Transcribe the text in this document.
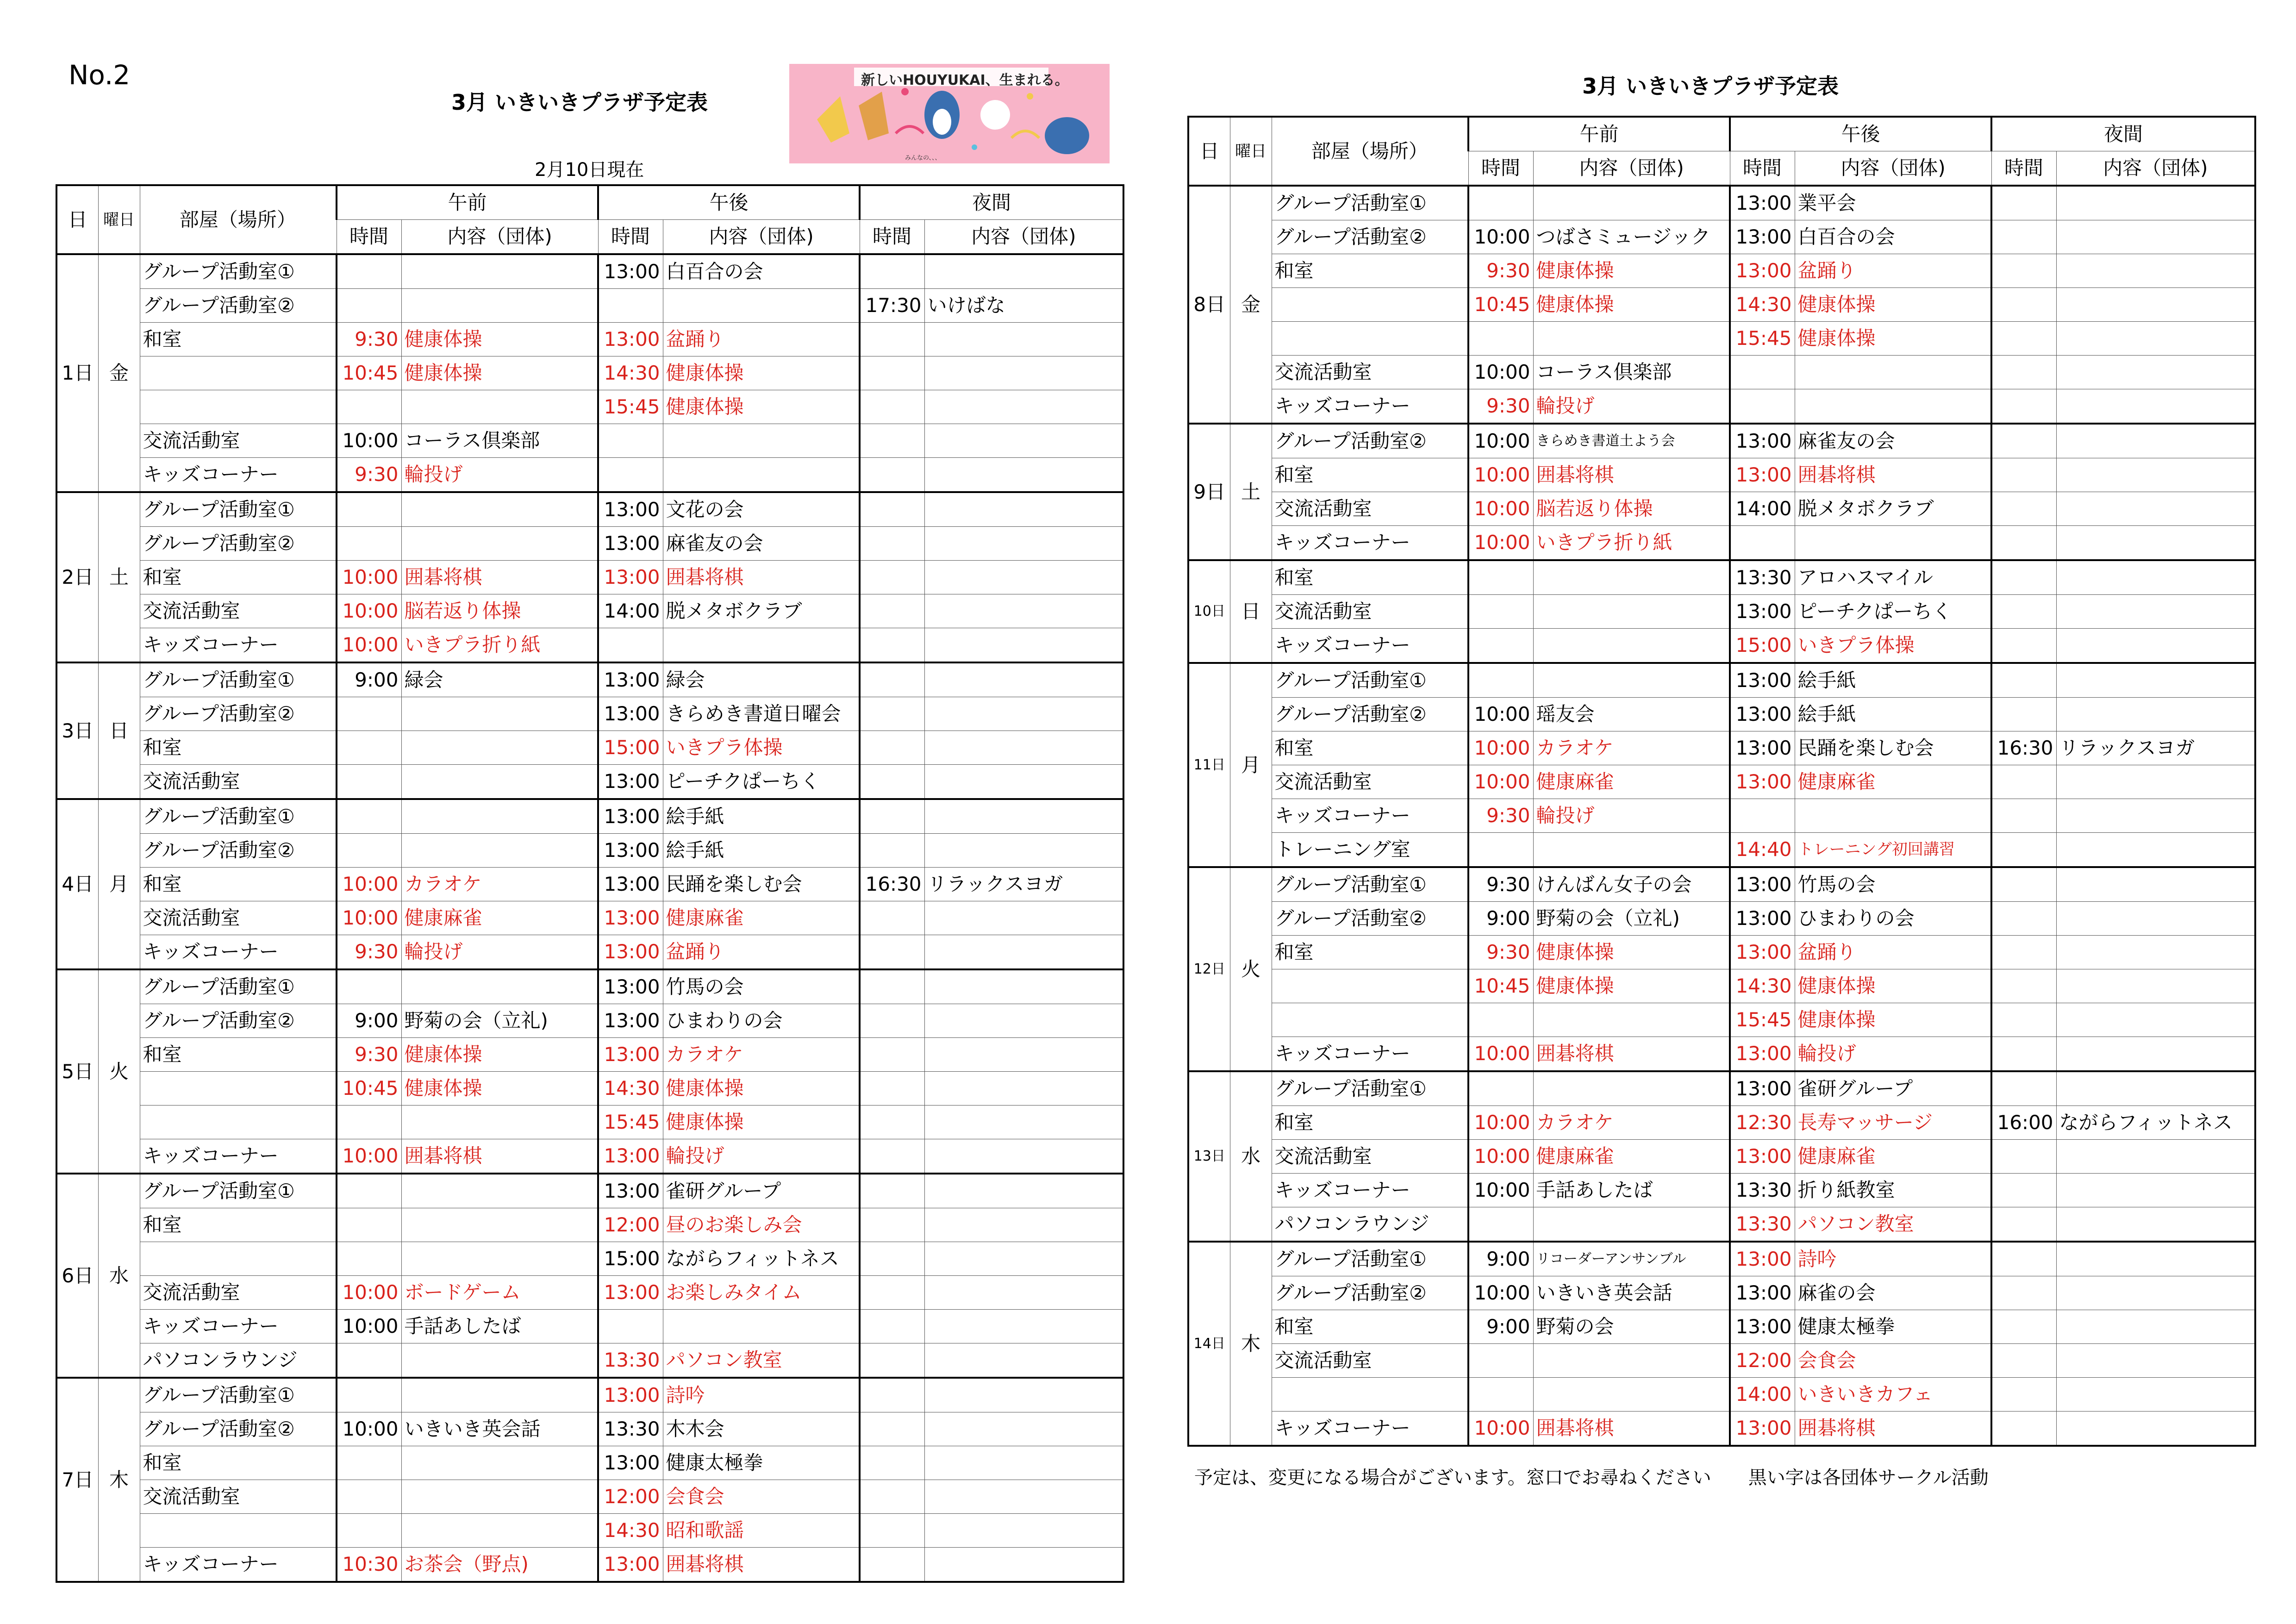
No.2
3月 いきいきプラザ予定表
3月 いきいきプラザ予定表
2月10日現在
新しいHOUYUKAI、生まれる。
みんなの、、、
日	曜日	部屋（場所）	午前		午後		夜間	
			時間	内容（団体)	時間	内容（団体)	時間	内容（団体)
1日	金	グループ活動室①			13:00	白百合の会		
		グループ活動室②					17:30	いけばな
		和室	9:30	健康体操	13:00	盆踊り		
			10:45	健康体操	14:30	健康体操		
					15:45	健康体操		
		交流活動室	10:00	コーラス倶楽部				
		キッズコーナー	9:30	輪投げ				
2日	土	グループ活動室①			13:00	文花の会		
		グループ活動室②			13:00	麻雀友の会		
		和室	10:00	囲碁将棋	13:00	囲碁将棋		
		交流活動室	10:00	脳若返り体操	14:00	脱メタボクラブ		
		キッズコーナー	10:00	いきプラ折り紙				
3日	日	グループ活動室①	9:00	緑会	13:00	緑会		
		グループ活動室②			13:00	きらめき書道日曜会		
		和室			15:00	いきプラ体操		
		交流活動室			13:00	ピーチクぱーちく		
4日	月	グループ活動室①			13:00	絵手紙		
		グループ活動室②			13:00	絵手紙		
		和室	10:00	カラオケ	13:00	民踊を楽しむ会	16:30	リラックスヨガ
		交流活動室	10:00	健康麻雀	13:00	健康麻雀		
		キッズコーナー	9:30	輪投げ	13:00	盆踊り		
5日	火	グループ活動室①			13:00	竹馬の会		
		グループ活動室②	9:00	野菊の会（立礼)	13:00	ひまわりの会		
		和室	9:30	健康体操	13:00	カラオケ		
			10:45	健康体操	14:30	健康体操		
					15:45	健康体操		
		キッズコーナー	10:00	囲碁将棋	13:00	輪投げ		
6日	水	グループ活動室①			13:00	雀研グループ		
		和室			12:00	昼のお楽しみ会		
					15:00	ながらフィットネス		
		交流活動室	10:00	ボードゲーム	13:00	お楽しみタイム		
		キッズコーナー	10:00	手話あしたば				
		パソコンラウンジ			13:30	パソコン教室		
7日	木	グループ活動室①			13:00	詩吟		
		グループ活動室②	10:00	いきいき英会話	13:30	木木会		
		和室			13:00	健康太極拳		
		交流活動室			12:00	会食会		
					14:30	昭和歌謡		
		キッズコーナー	10:30	お茶会（野点)	13:00	囲碁将棋		
日	曜日	部屋（場所）	午前		午後		夜間	
			時間	内容（団体)	時間	内容（団体)	時間	内容（団体)
8日	金	グループ活動室①			13:00	業平会		
		グループ活動室②	10:00	つばさミュージック	13:00	白百合の会		
		和室	9:30	健康体操	13:00	盆踊り		
			10:45	健康体操	14:30	健康体操		
					15:45	健康体操		
		交流活動室	10:00	コーラス倶楽部				
		キッズコーナー	9:30	輪投げ				
9日	土	グループ活動室②	10:00	きらめき書道土よう会	13:00	麻雀友の会		
		和室	10:00	囲碁将棋	13:00	囲碁将棋		
		交流活動室	10:00	脳若返り体操	14:00	脱メタボクラブ		
		キッズコーナー	10:00	いきプラ折り紙				
10日	日	和室			13:30	アロハスマイル		
		交流活動室			13:00	ピーチクぱーちく		
		キッズコーナー			15:00	いきプラ体操		
11日	月	グループ活動室①			13:00	絵手紙		
		グループ活動室②	10:00	瑶友会	13:00	絵手紙		
		和室	10:00	カラオケ	13:00	民踊を楽しむ会	16:30	リラックスヨガ
		交流活動室	10:00	健康麻雀	13:00	健康麻雀		
		キッズコーナー	9:30	輪投げ				
		トレーニング室			14:40	トレーニング初回講習		
12日	火	グループ活動室①	9:30	けんばん女子の会	13:00	竹馬の会		
		グループ活動室②	9:00	野菊の会（立礼)	13:00	ひまわりの会		
		和室	9:30	健康体操	13:00	盆踊り		
			10:45	健康体操	14:30	健康体操		
					15:45	健康体操		
		キッズコーナー	10:00	囲碁将棋	13:00	輪投げ		
13日	水	グループ活動室①			13:00	雀研グループ		
		和室	10:00	カラオケ	12:30	長寿マッサージ	16:00	ながらフィットネス
		交流活動室	10:00	健康麻雀	13:00	健康麻雀		
		キッズコーナー	10:00	手話あしたば	13:30	折り紙教室		
		パソコンラウンジ			13:30	パソコン教室		
14日	木	グループ活動室①	9:00	リコーダーアンサンブル	13:00	詩吟		
		グループ活動室②	10:00	いきいき英会話	13:00	麻雀の会		
		和室	9:00	野菊の会	13:00	健康太極拳		
		交流活動室			12:00	会食会		
					14:00	いきいきカフェ		
		キッズコーナー	10:00	囲碁将棋	13:00	囲碁将棋		
予定は、変更になる場合がございます。窓口でお尋ねください　　黒い字は各団体サークル活動
